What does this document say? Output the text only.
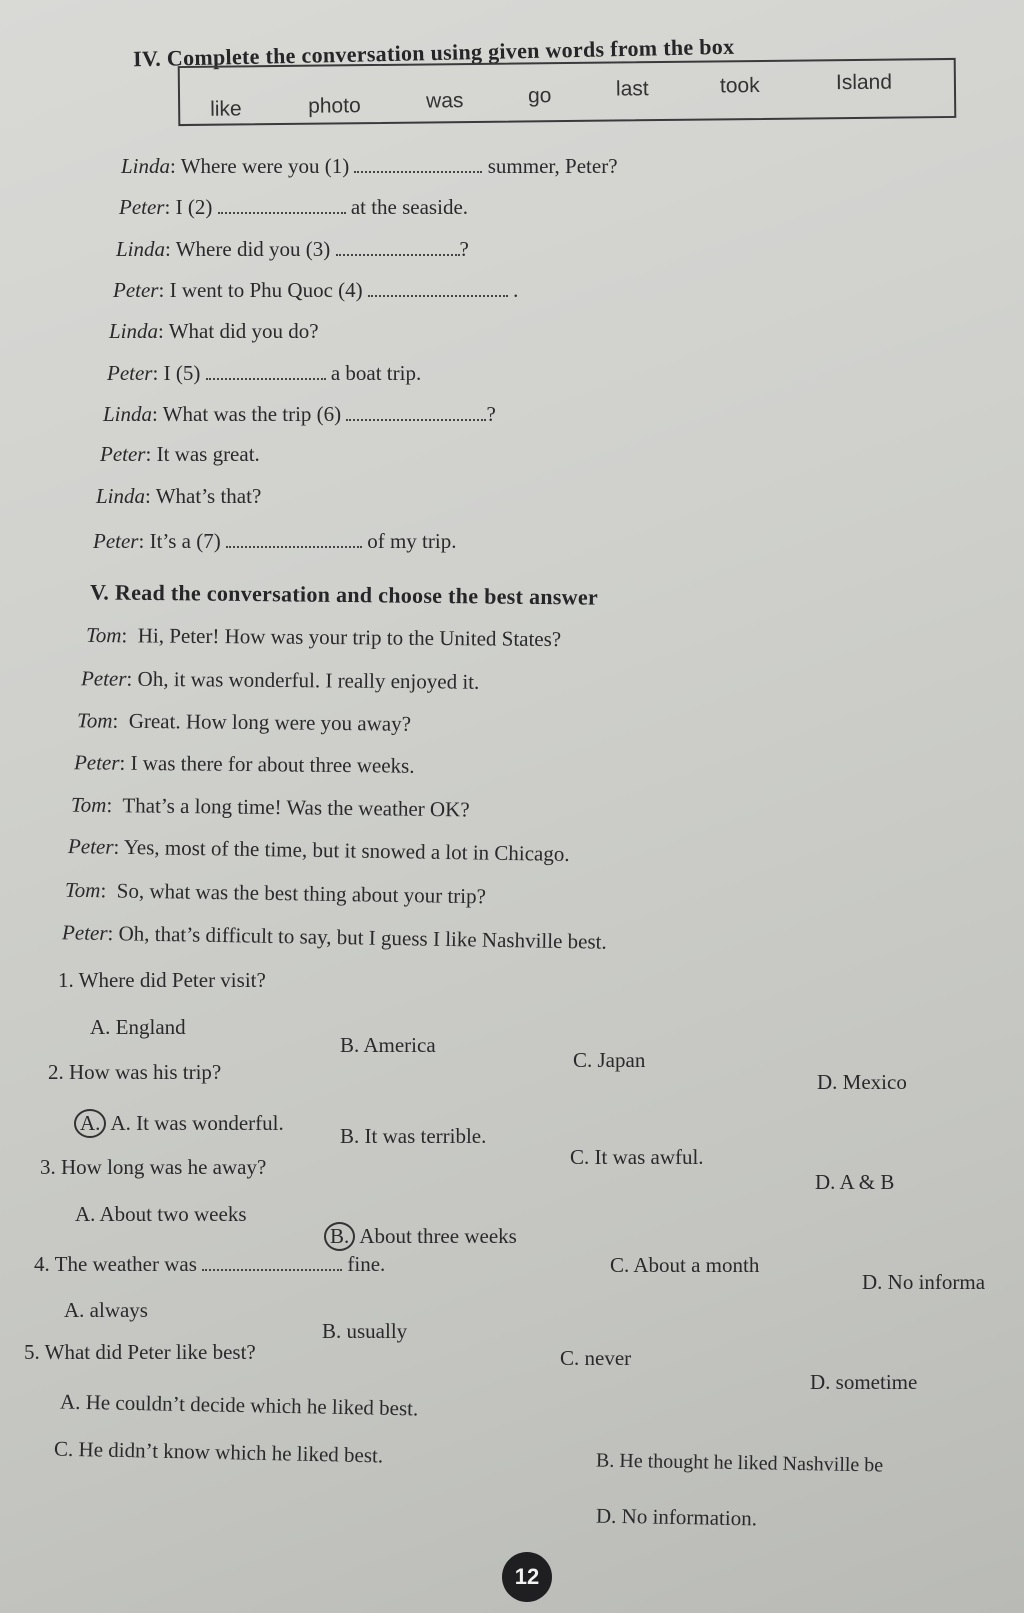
IV. Complete the conversation using given words from the box
like	photo	was	go	last	took	Island
Linda: Where were you (1)	summer, Peter?
Peter: I (2)	at the seaside.
Linda: Where did you (3)	?
Peter: I went to Phu Quoc (4)	.
Linda: What did you do?
Peter: I (5)	a boat trip.
Linda: What was the trip (6)	?
Peter: It was great.
Linda: What’s that?
Peter: It’s a (7)	of my trip.
V. Read the conversation and choose the best answer
Tom:  Hi, Peter! How was your trip to the United States?
Peter: Oh, it was wonderful. I really enjoyed it.
Tom:  Great. How long were you away?
Peter: I was there for about three weeks.
Tom:  That’s a long time! Was the weather OK?
Peter: Yes, most of the time, but it snowed a lot in Chicago.
Tom:  So, what was the best thing about your trip?
Peter: Oh, that’s difficult to say, but I guess I like Nashville best.
1. Where did Peter visit?
A. England
B. America
C. Japan
D. Mexico
2. How was his trip?
A. A. It was wonderful.
B. It was terrible.
C. It was awful.
D. A & B
3. How long was he away?
A. About two weeks
B. About three weeks
C. About a month
D. No informa
4. The weather was	fine.
A. always
B. usually
C. never
D. sometime
5. What did Peter like best?
A. He couldn’t decide which he liked best.
B. He thought he liked Nashville be
C. He didn’t know which he liked best.
D. No information.
12
